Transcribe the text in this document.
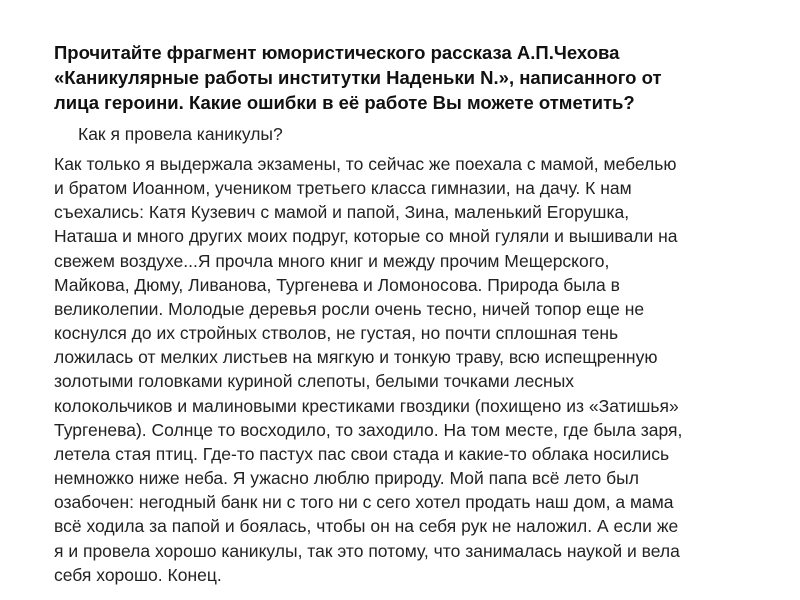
Прочитайте фрагмент юмористического рассказа А.П.Чехова
«Каникулярные работы институтки Наденьки N.», написанного от
лица героини. Какие ошибки в её работе Вы можете отметить?
Как я провела каникулы?
Как только я выдержала экзамены, то сейчас же поехала с мамой, мебелью
и братом Иоанном, учеником третьего класса гимназии, на дачу. К нам
съехались: Катя Кузевич с мамой и папой, Зина, маленький Егорушка,
Наташа и много других моих подруг, которые со мной гуляли и вышивали на
свежем воздухе...Я прочла много книг и между прочим Мещерского,
Майкова, Дюму, Ливанова, Тургенева и Ломоносова. Природа была в
великолепии. Молодые деревья росли очень тесно, ничей топор еще не
коснулся до их стройных стволов, не густая, но почти сплошная тень
ложилась от мелких листьев на мягкую и тонкую траву, всю испещренную
золотыми головками куриной слепоты, белыми точками лесных
колокольчиков и малиновыми крестиками гвоздики (похищено из «Затишья»
Тургенева). Солнце то восходило, то заходило. На том месте, где была заря,
летела стая птиц. Где-то пастух пас свои стада и какие-то облака носились
немножко ниже неба. Я ужасно люблю природу. Мой папа всё лето был
озабочен: негодный банк ни с того ни с сего хотел продать наш дом, а мама
всё ходила за папой и боялась, чтобы он на себя рук не наложил. А если же
я и провела хорошо каникулы, так это потому, что занималась наукой и вела
себя хорошо. Конец.
